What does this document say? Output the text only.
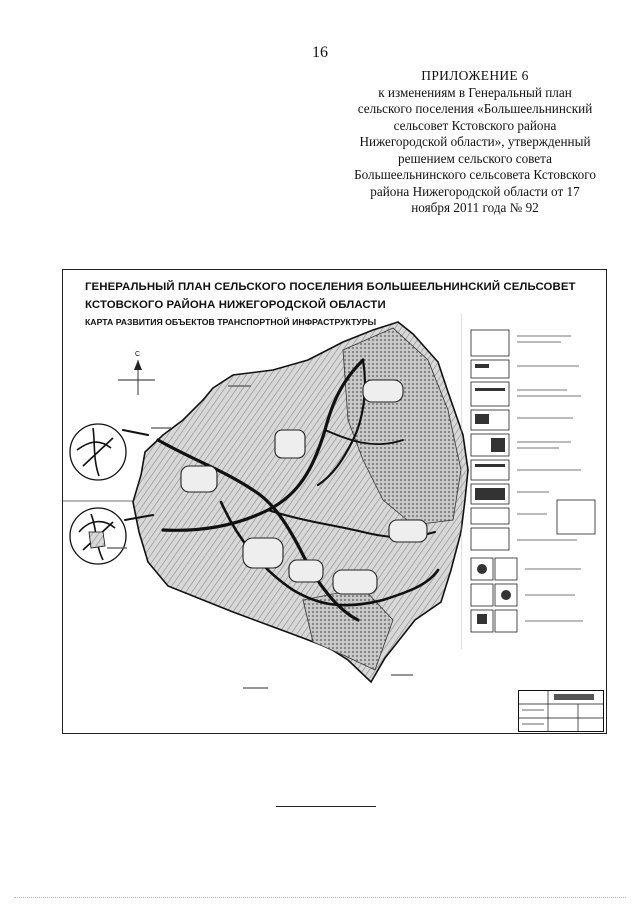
16
ПРИЛОЖЕНИЕ 6
к изменениям в Генеральный план
сельского поселения «Большеельнинский
сельсовет Кстовского района
Нижегородской области», утвержденный
решением сельского совета
Большеельнинского сельсовета Кстовского
района Нижегородской области от 17
ноября 2011 года № 92
С
ГЕНЕРАЛЬНЫЙ ПЛАН СЕЛЬСКОГО ПОСЕЛЕНИЯ БОЛЬШЕЕЛЬНИНСКИЙ СЕЛЬСОВЕТ
КСТОВСКОГО РАЙОНА НИЖЕГОРОДСКОЙ ОБЛАСТИ
КАРТА РАЗВИТИЯ ОБЪЕКТОВ ТРАНСПОРТНОЙ ИНФРАСТРУКТУРЫ
